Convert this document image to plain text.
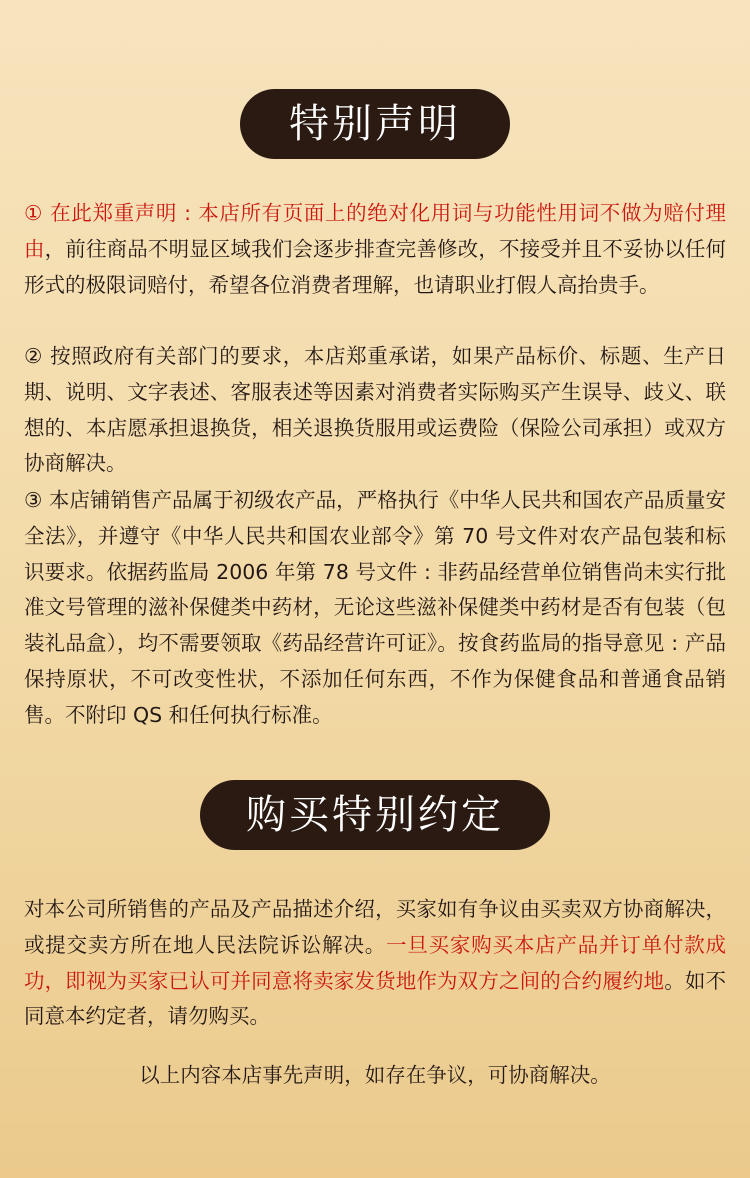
特别声明

① 在此郑重声明 : 本店所有页面上的绝对化用词与功能性用词不做为赔付理由，前往商品不明显区域我们会逐步排查完善修改，不接受并且不妥协以任何形式的极限词赔付，希望各位消费者理解，也请职业打假人高抬贵手。

② 按照政府有关部门的要求，本店郑重承诺，如果产品标价、标题、生产日期、说明、文字表述、客服表述等因素对消费者实际购买产生误导、歧义、联想的、本店愿承担退换货，相关退换货服用或运费险（保险公司承担）或双方协商解决。

③ 本店铺销售产品属于初级农产品，严格执行《中华人民共和国农产品质量安全法》，并遵守《中华人民共和国农业部令》第 70 号文件对农产品包装和标识要求。依据药监局 2006 年第 78 号文件 : 非药品经营单位销售尚未实行批准文号管理的滋补保健类中药材，无论这些滋补保健类中药材是否有包装（包装礼品盒），均不需要领取《药品经营许可证》。按食药监局的指导意见 : 产品保持原状，不可改变性状，不添加任何东西，不作为保健食品和普通食品销售。不附印 QS 和任何执行标准。

购买特别约定

对本公司所销售的产品及产品描述介绍，买家如有争议由买卖双方协商解决，或提交卖方所在地人民法院诉讼解决。一旦买家购买本店产品并订单付款成功，即视为买家已认可并同意将卖家发货地作为双方之间的合约履约地。如不同意本约定者，请勿购买。

以上内容本店事先声明，如存在争议，可协商解决。
